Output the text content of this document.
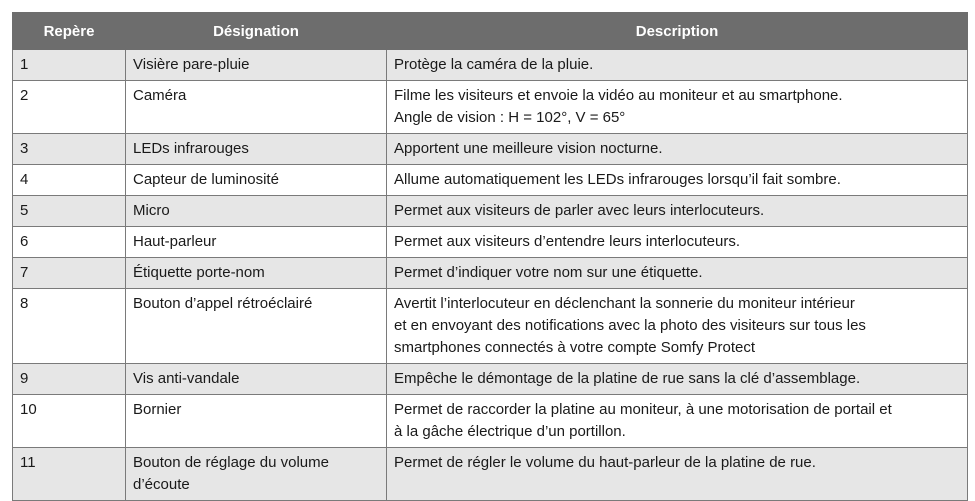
Repère	Désignation	Description
1	Visière pare-pluie	Protège la caméra de la pluie.

2	Caméra	Filme les visiteurs et envoie la vidéo au moniteur et au smartphone.
Angle de vision : H = 102°, V = 65°

3	LEDs infrarouges	Apportent une meilleure vision nocturne.

4	Capteur de luminosité	Allume automatiquement les LEDs infrarouges lorsqu’il fait sombre.

5	Micro	Permet aux visiteurs de parler avec leurs interlocuteurs.

6	Haut-parleur	Permet aux visiteurs d’entendre leurs interlocuteurs.

7	Étiquette porte-nom	Permet d’indiquer votre nom sur une étiquette.

8	Bouton d’appel rétroéclairé	Avertit l’interlocuteur en déclenchant la sonnerie du moniteur intérieur
et en envoyant des notifications avec la photo des visiteurs sur tous les
smartphones connectés à votre compte Somfy Protect

9	Vis anti-vandale	Empêche le démontage de la platine de rue sans la clé d’assemblage.

10	Bornier	Permet de raccorder la platine au moniteur, à une motorisation de portail et
à la gâche électrique d’un portillon.

11	Bouton de réglage du volume
d’écoute	Permet de régler le volume du haut-parleur de la platine de rue.
